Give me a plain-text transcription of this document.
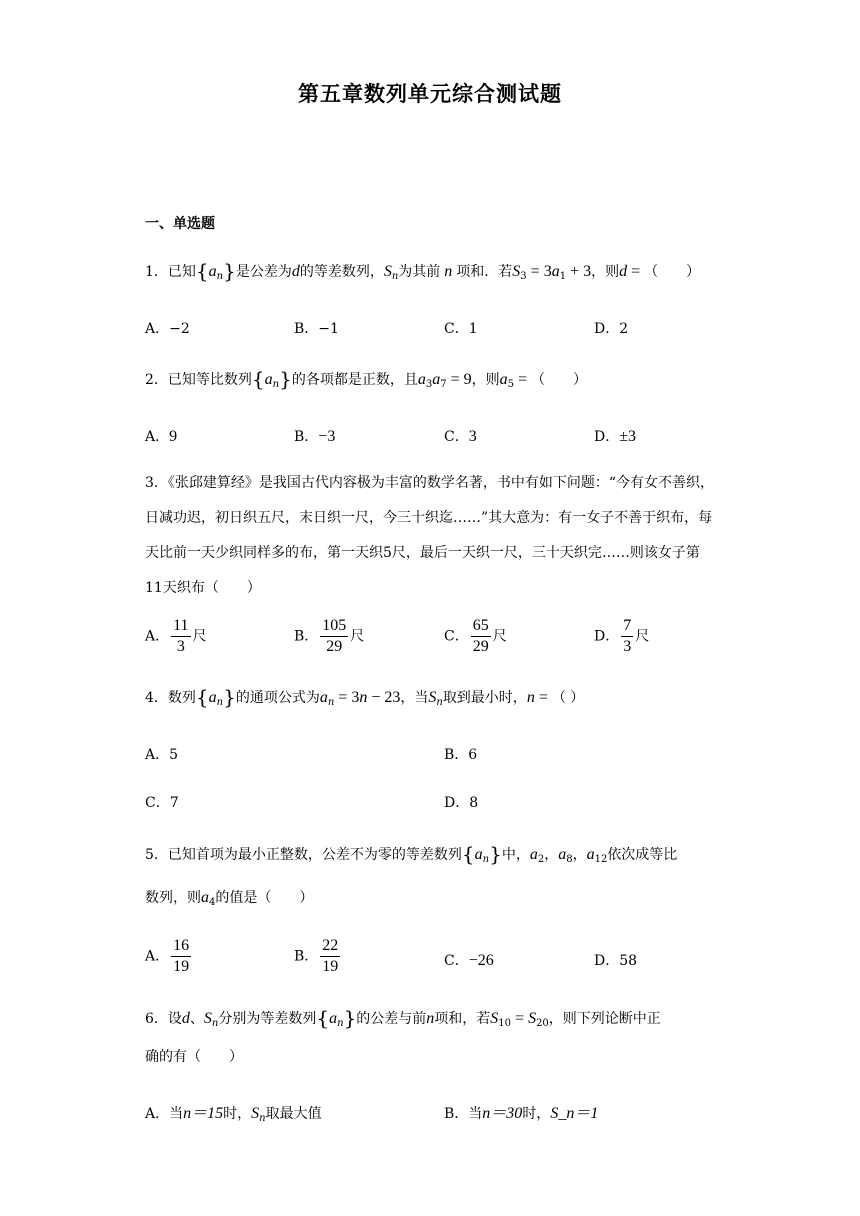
第五章数列单元综合测试题
一、单选题
1．已知$\{a_n\}$是公差为d的等差数列，$S_n$为其前 n 项和．若$S_3 = 3a_1 + 3$，则d = （　　）
A．−2	B．−1	C．1	D．2
2．已知等比数列$\{a_n\}$的各项都是正数，且$a_3a_7 = 9$，则$a_5$ = （　　）
A．9	B．−3	C．3	D．±3
3．《张邱建算经》是我国古代内容极为丰富的数学名著，书中有如下问题：“今有女不善织，日减功迟，初日织五尺，末日织一尺，今三十织迄……”其大意为：有一女子不善于织布，每天比前一天少织同样多的布，第一天织5尺，最后一天织一尺，三十天织完……则该女子第11天织布（　　）
A． $\frac{11}{3}$ 尺	B． $\frac{105}{29}$ 尺	C． $\frac{65}{29}$ 尺	D． $\frac{7}{3}$ 尺
4．数列$\{a_n\}$的通项公式为$a_n = 3n - 23$，当$S_n$取到最小时，n = （ ）
A．5	B．6
C．7	D．8
5．已知首项为最小正整数，公差不为零的等差数列$\{a_n\}$中，$a_2$，$a_8$，$a_{12}$依次成等比
数列，则$a_4$的值是（　　）
A． $\frac{16}{19}$	B． $\frac{22}{19}$	C．−26	D．58
6．设d、$S_n$分别为等差数列$\{a_n\}$的公差与前n项和，若$S_{10} = S_{20}$，则下列论断中正
确的有（　　）
A．当n＝15时，$S_n$取最大值	B．当n＝30时，S_n＝1
